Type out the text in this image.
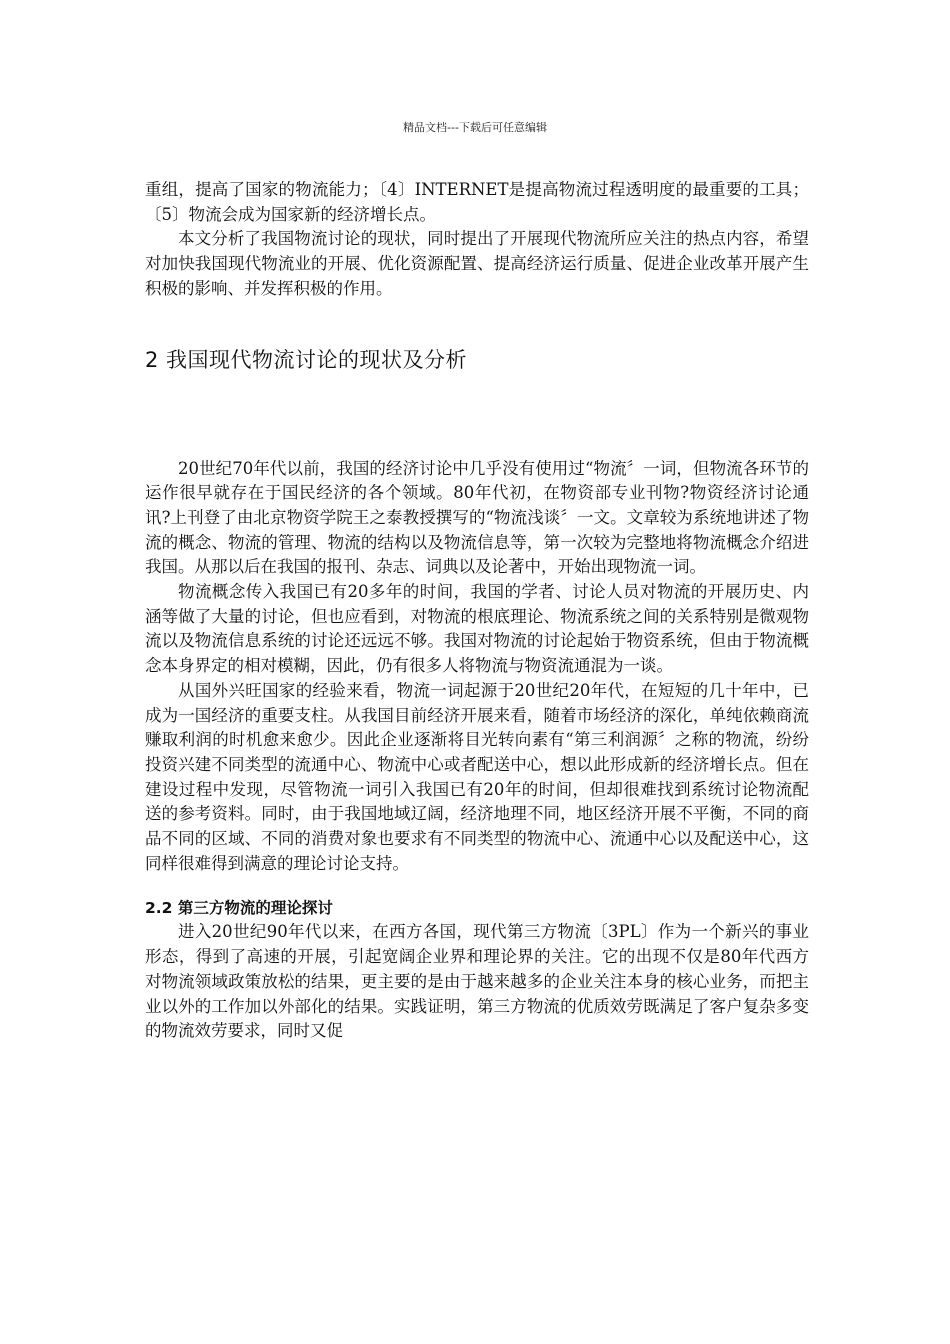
精品文档---下载后可任意编辑

重组，提高了国家的物流能力；〔4〕INTERNET是提高物流过程透明度的最重要的工具；〔5〕物流会成为国家新的经济增长点。

本文分析了我国物流讨论的现状，同时提出了开展现代物流所应关注的热点内容，希望对加快我国现代物流业的开展、优化资源配置、提高经济运行质量、促进企业改革开展产生积极的影响、并发挥积极的作用。

2 我国现代物流讨论的现状及分析

20世纪70年代以前，我国的经济讨论中几乎没有使用过“物流〞一词，但物流各环节的运作很早就存在于国民经济的各个领域。80年代初，在物资部专业刊物?物资经济讨论通讯?上刊登了由北京物资学院王之泰教授撰写的“物流浅谈〞一文。文章较为系统地讲述了物流的概念、物流的管理、物流的结构以及物流信息等，第一次较为完整地将物流概念介绍进我国。从那以后在我国的报刊、杂志、词典以及论著中，开始出现物流一词。

物流概念传入我国已有20多年的时间，我国的学者、讨论人员对物流的开展历史、内涵等做了大量的讨论，但也应看到，对物流的根底理论、物流系统之间的关系特别是微观物流以及物流信息系统的讨论还远远不够。我国对物流的讨论起始于物资系统，但由于物流概念本身界定的相对模糊，因此，仍有很多人将物流与物资流通混为一谈。

从国外兴旺国家的经验来看，物流一词起源于20世纪20年代，在短短的几十年中，已成为一国经济的重要支柱。从我国目前经济开展来看，随着市场经济的深化，单纯依赖商流赚取利润的时机愈来愈少。因此企业逐渐将目光转向素有“第三利润源〞之称的物流，纷纷投资兴建不同类型的流通中心、物流中心或者配送中心，想以此形成新的经济增长点。但在建设过程中发现，尽管物流一词引入我国已有20年的时间，但却很难找到系统讨论物流配送的参考资料。同时，由于我国地域辽阔，经济地理不同，地区经济开展不平衡，不同的商品不同的区域、不同的消费对象也要求有不同类型的物流中心、流通中心以及配送中心，这同样很难得到满意的理论讨论支持。

2.2 第三方物流的理论探讨

进入20世纪90年代以来，在西方各国，现代第三方物流〔3PL〕作为一个新兴的事业形态，得到了高速的开展，引起宽阔企业界和理论界的关注。它的出现不仅是80年代西方对物流领域政策放松的结果，更主要的是由于越来越多的企业关注本身的核心业务，而把主业以外的工作加以外部化的结果。实践证明，第三方物流的优质效劳既满足了客户复杂多变的物流效劳要求，同时又促
